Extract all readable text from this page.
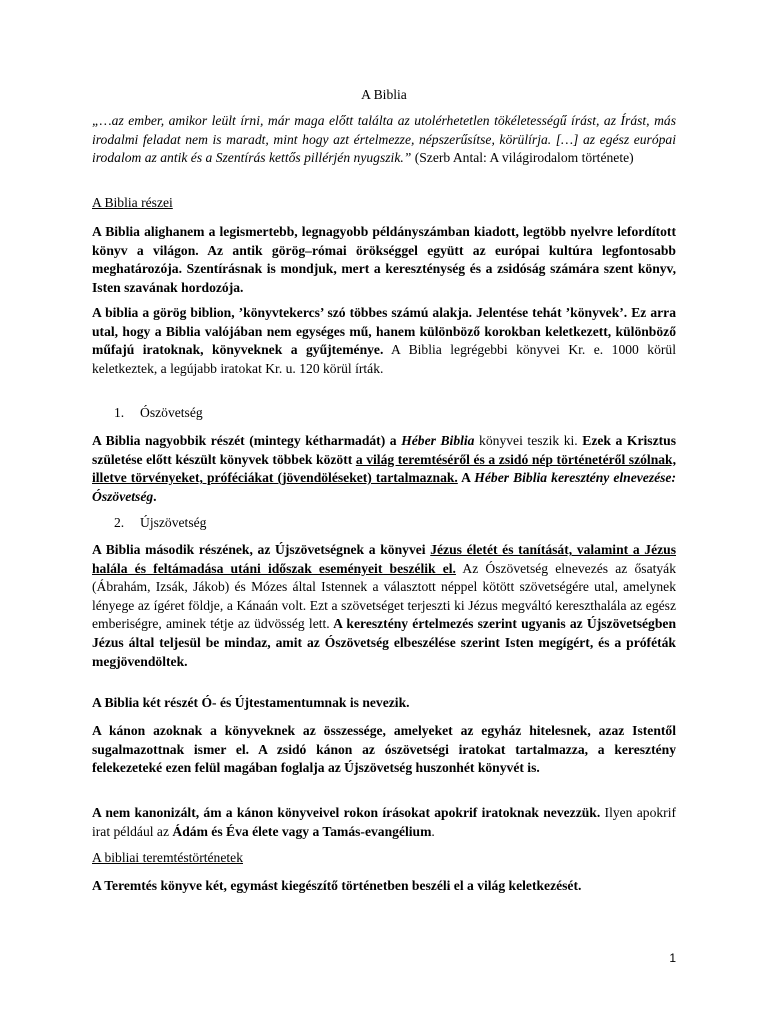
A Biblia
„…az ember, amikor leült írni, már maga előtt találta az utolérhetetlen tökéletességű írást, az Írást, más irodalmi feladat nem is maradt, mint hogy azt értelmezze, népszerűsítse, körülírja. […] az egész európai irodalom az antik és a Szentírás kettős pillérjén nyugszik.” (Szerb Antal: A világirodalom története)
A Biblia részei
A Biblia alighanem a legismertebb, legnagyobb példányszámban kiadott, legtöbb nyelvre lefordított könyv a világon. Az antik görög–római örökséggel együtt az európai kultúra legfontosabb meghatározója. Szentírásnak is mondjuk, mert a kereszténység és a zsidóság számára szent könyv, Isten szavának hordozója.
A biblia a görög biblion, ’könyvtekercs’ szó többes számú alakja. Jelentése tehát ’könyvek’. Ez arra utal, hogy a Biblia valójában nem egységes mű, hanem különböző korokban keletkezett, különböző műfajú iratoknak, könyveknek a gyűjteménye. A Biblia legrégebbi könyvei Kr. e. 1000 körül keletkeztek, a legújabb iratokat Kr. u. 120 körül írták.
1. Ószövetség
A Biblia nagyobbik részét (mintegy kétharmadát) a Héber Biblia könyvei teszik ki. Ezek a Krisztus születése előtt készült könyvek többek között a világ teremtéséről és a zsidó nép történetéről szólnak, illetve törvényeket, próféciákat (jövendöléseket) tartalmaznak. A Héber Biblia keresztény elnevezése: Ószövetség.
2. Újszövetség
A Biblia második részének, az Újszövetségnek a könyvei Jézus életét és tanítását, valamint a Jézus halála és feltámadása utáni időszak eseményeit beszélik el. Az Ószövetség elnevezés az ősatyák (Ábrahám, Izsák, Jákob) és Mózes által Istennek a választott néppel kötött szövetségére utal, amelynek lényege az ígéret földje, a Kánaán volt. Ezt a szövetséget terjeszti ki Jézus megváltó kereszthalála az egész emberiségre, aminek tétje az üdvösség lett. A keresztény értelmezés szerint ugyanis az Újszövetségben Jézus által teljesül be mindaz, amit az Ószövetség elbeszélése szerint Isten megígért, és a próféták megjövendöltek.
A Biblia két részét Ó- és Újtestamentumnak is nevezik.
A kánon azoknak a könyveknek az összessége, amelyeket az egyház hitelesnek, azaz Istentől sugalmazottnak ismer el. A zsidó kánon az ószövetségi iratokat tartalmazza, a keresztény felekezeteké ezen felül magában foglalja az Újszövetség huszonhét könyvét is.
A nem kanonizált, ám a kánon könyveivel rokon írásokat apokrif iratoknak nevezzük. Ilyen apokrif irat például az Ádám és Éva élete vagy a Tamás-evangélium.
A bibliai teremtéstörténetek
A Teremtés könyve két, egymást kiegészítő történetben beszéli el a világ keletkezését.
1
